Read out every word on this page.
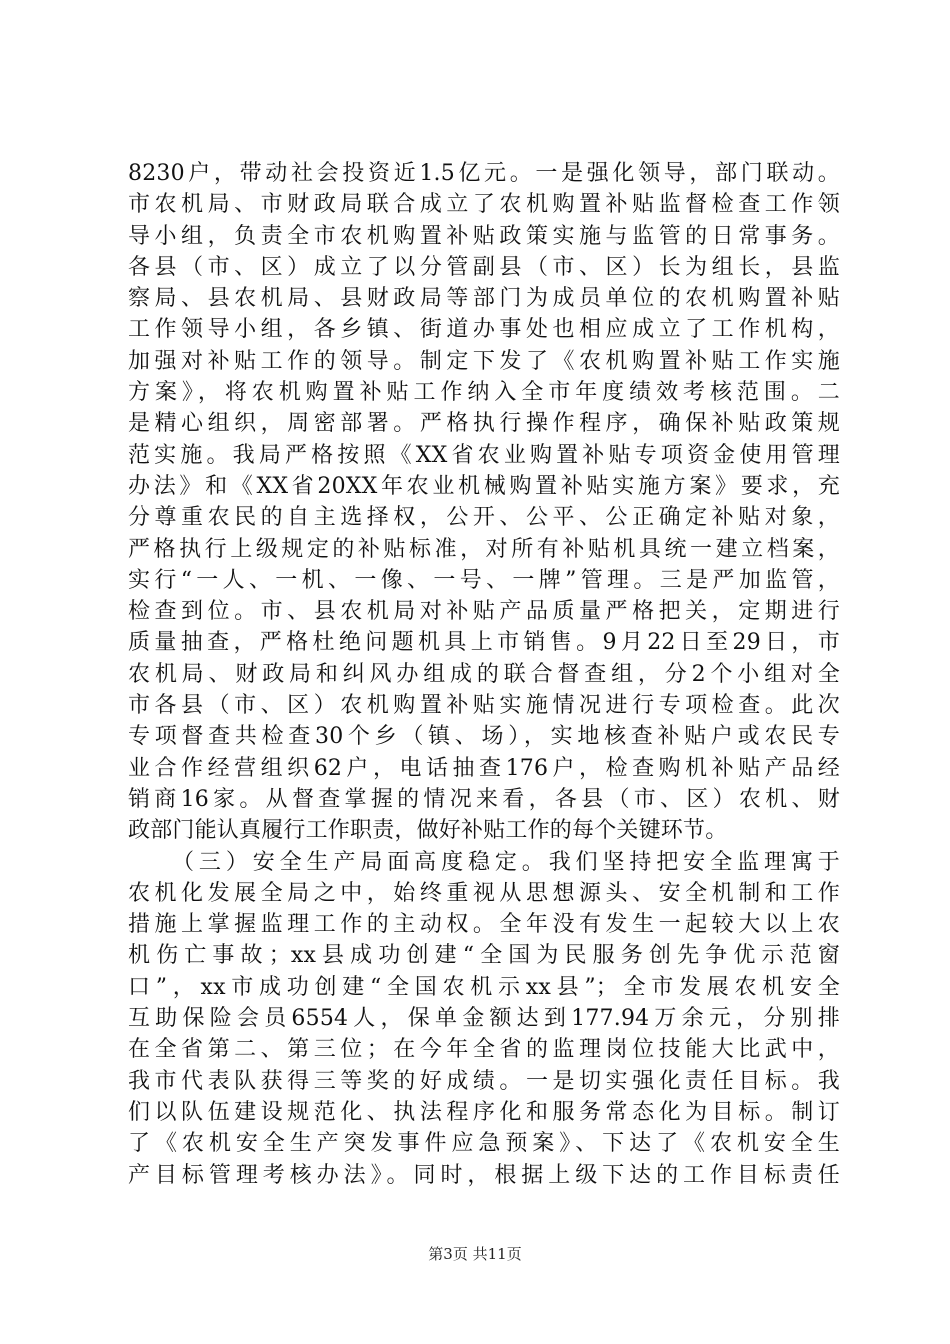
8230户，带动社会投资近1.5亿元。一是强化领导，部门联动。
市农机局、市财政局联合成立了农机购置补贴监督检查工作领
导小组，负责全市农机购置补贴政策实施与监管的日常事务。
各县（市、区）成立了以分管副县（市、区）长为组长，县监
察局、县农机局、县财政局等部门为成员单位的农机购置补贴
工作领导小组，各乡镇、街道办事处也相应成立了工作机构，
加强对补贴工作的领导。制定下发了《农机购置补贴工作实施
方案》，将农机购置补贴工作纳入全市年度绩效考核范围。二
是精心组织，周密部署。严格执行操作程序，确保补贴政策规
范实施。我局严格按照《XX省农业购置补贴专项资金使用管理
办法》和《XX省20XX年农业机械购置补贴实施方案》要求，充
分尊重农民的自主选择权，公开、公平、公正确定补贴对象，
严格执行上级规定的补贴标准，对所有补贴机具统一建立档案，
实行“一人、一机、一像、一号、一牌”管理。三是严加监管，
检查到位。市、县农机局对补贴产品质量严格把关，定期进行
质量抽查，严格杜绝问题机具上市销售。9月22日至29日，市
农机局、财政局和纠风办组成的联合督查组，分2个小组对全
市各县（市、区）农机购置补贴实施情况进行专项检查。此次
专项督查共检查30个乡（镇、场），实地核查补贴户或农民专
业合作经营组织62户，电话抽查176户，检查购机补贴产品经
销商16家。从督查掌握的情况来看，各县（市、区）农机、财
政部门能认真履行工作职责，做好补贴工作的每个关键环节。
（三）安全生产局面高度稳定。我们坚持把安全监理寓于
农机化发展全局之中，始终重视从思想源头、安全机制和工作
措施上掌握监理工作的主动权。全年没有发生一起较大以上农
机伤亡事故；xx县成功创建“全国为民服务创先争优示范窗
口”，xx市成功创建“全国农机示xx县”；全市发展农机安全
互助保险会员6554人，保单金额达到177.94万余元，分别排
在全省第二、第三位；在今年全省的监理岗位技能大比武中，
我市代表队获得三等奖的好成绩。一是切实强化责任目标。我
们以队伍建设规范化、执法程序化和服务常态化为目标。制订
了《农机安全生产突发事件应急预案》、下达了《农机安全生
产目标管理考核办法》。同时，根据上级下达的工作目标责任
第3页 共11页
